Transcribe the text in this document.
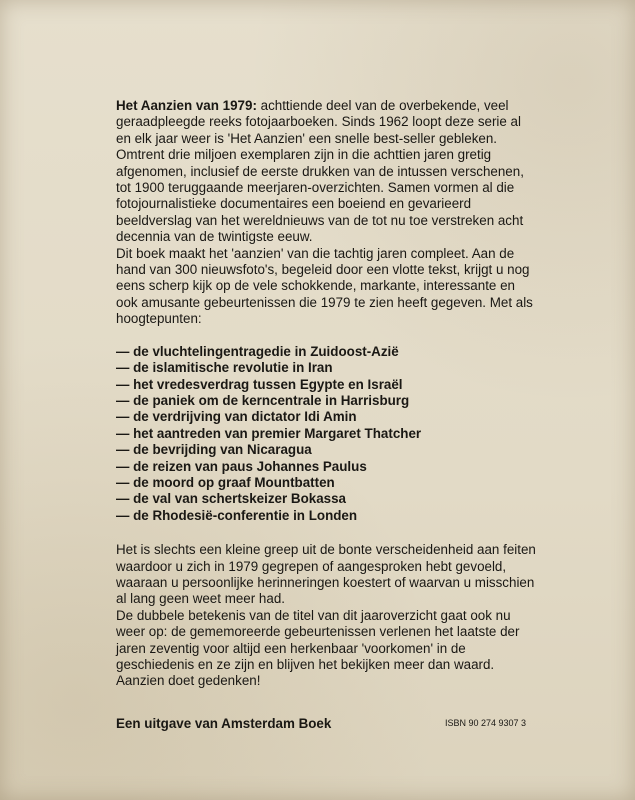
Het Aanzien van 1979: achttiende deel van de overbekende, veel geraadpleegde reeks fotojaarboeken. Sinds 1962 loopt deze serie al en elk jaar weer is 'Het Aanzien' een snelle best-seller gebleken. Omtrent drie miljoen exemplaren zijn in die achttien jaren gretig afgenomen, inclusief de eerste drukken van de intussen verschenen, tot 1900 teruggaande meerjaren-overzichten. Samen vormen al die fotojournalistieke documentaires een boeiend en gevarieerd beeldverslag van het wereldnieuws van de tot nu toe verstreken acht decennia van de twintigste eeuw.

Dit boek maakt het 'aanzien' van die tachtig jaren compleet. Aan de hand van 300 nieuwsfoto's, begeleid door een vlotte tekst, krijgt u nog eens scherp kijk op de vele schokkende, markante, interessante en ook amusante gebeurtenissen die 1979 te zien heeft gegeven. Met als hoogtepunten:

— de vluchtelingentragedie in Zuidoost-Azië
— de islamitische revolutie in Iran
— het vredesverdrag tussen Egypte en Israël
— de paniek om de kerncentrale in Harrisburg
— de verdrijving van dictator Idi Amin
— het aantreden van premier Margaret Thatcher
— de bevrijding van Nicaragua
— de reizen van paus Johannes Paulus
— de moord op graaf Mountbatten
— de val van schertskeizer Bokassa
— de Rhodesië-conferentie in Londen

Het is slechts een kleine greep uit de bonte verscheidenheid aan feiten waardoor u zich in 1979 gegrepen of aangesproken hebt gevoeld, waaraan u persoonlijke herinneringen koestert of waarvan u misschien al lang geen weet meer had.

De dubbele betekenis van de titel van dit jaaroverzicht gaat ook nu weer op: de gememoreerde gebeurtenissen verlenen het laatste der jaren zeventig voor altijd een herkenbaar 'voorkomen' in de geschiedenis en ze zijn en blijven het bekijken meer dan waard. Aanzien doet gedenken!

Een uitgave van Amsterdam Boek	ISBN 90 274 9307 3
